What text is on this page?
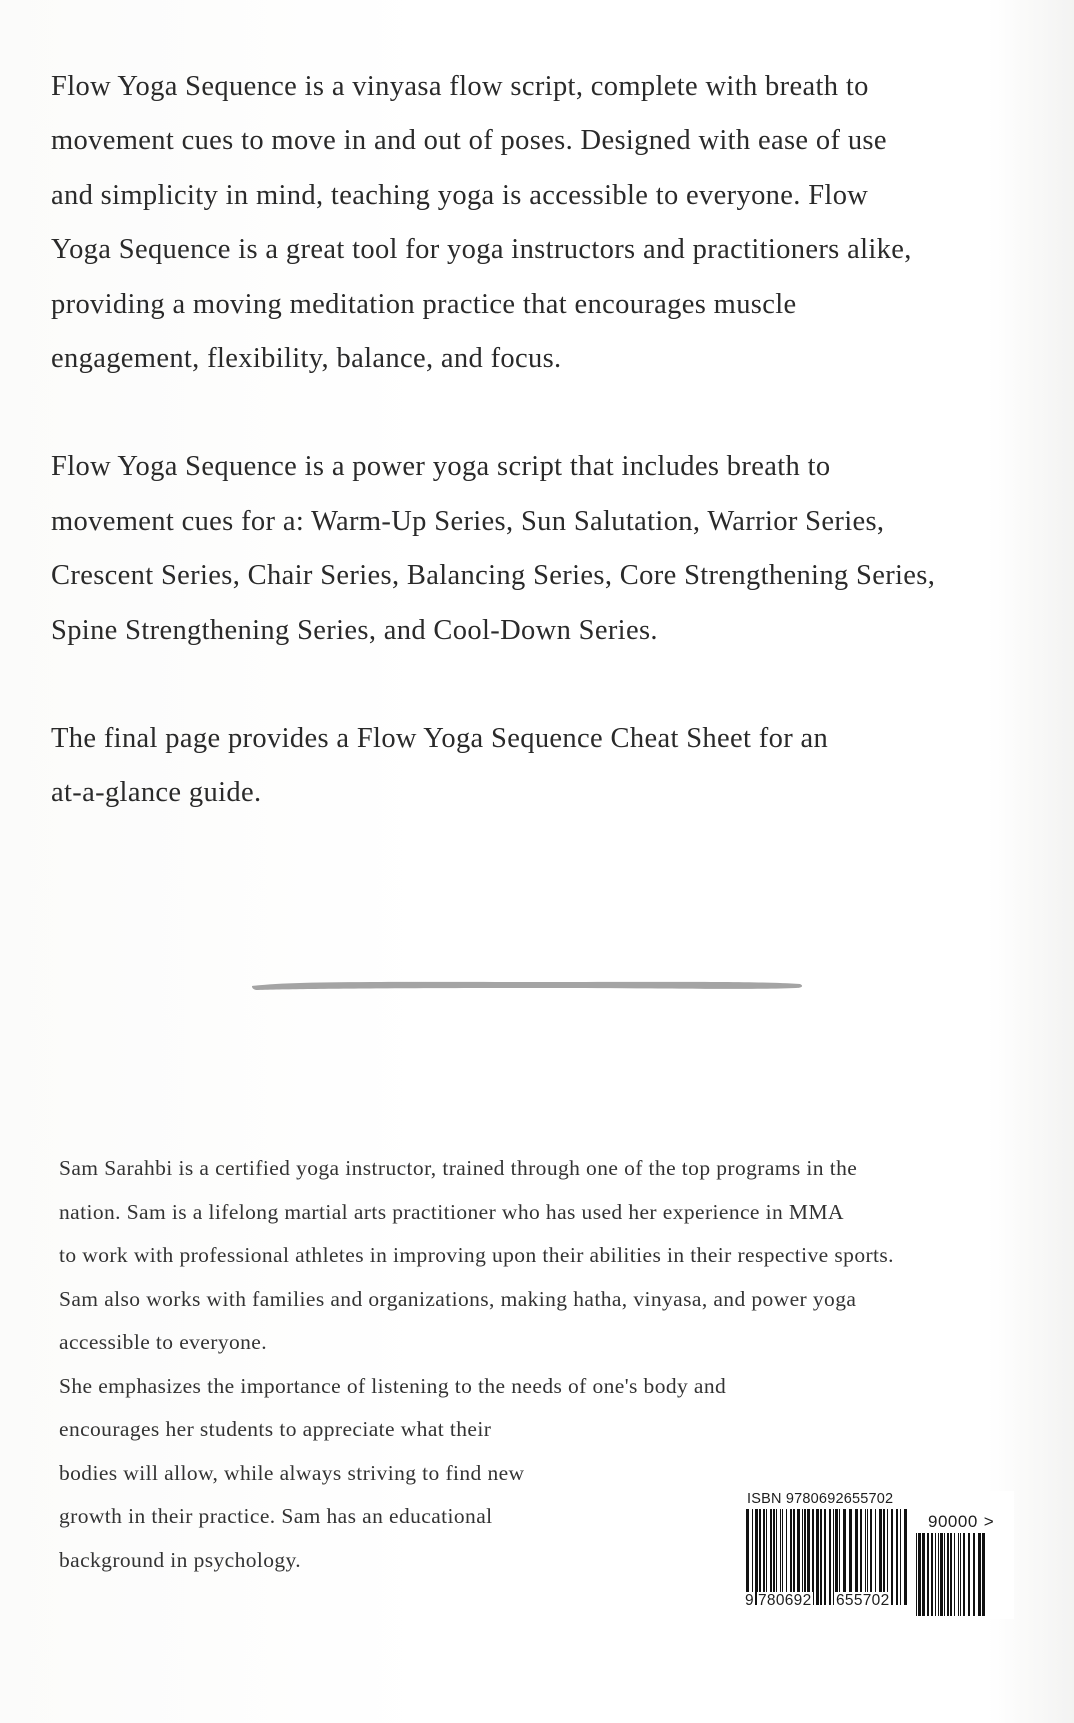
Flow Yoga Sequence is a vinyasa flow script, complete with breath to
movement cues to move in and out of poses. Designed with ease of use
and simplicity in mind, teaching yoga is accessible to everyone. Flow
Yoga Sequence is a great tool for yoga instructors and practitioners alike,
providing a moving meditation practice that encourages muscle
engagement, flexibility, balance, and focus.

Flow Yoga Sequence is a power yoga script that includes breath to
movement cues for a: Warm-Up Series, Sun Salutation, Warrior Series,
Crescent Series, Chair Series, Balancing Series, Core Strengthening Series,
Spine Strengthening Series, and Cool-Down Series.

The final page provides a Flow Yoga Sequence Cheat Sheet for an
at-a-glance guide.

Sam Sarahbi is a certified yoga instructor, trained through one of the top programs in the
nation. Sam is a lifelong martial arts practitioner who has used her experience in MMA
to work with professional athletes in improving upon their abilities in their respective sports.
Sam also works with families and organizations, making hatha, vinyasa, and power yoga
accessible to everyone.
She emphasizes the importance of listening to the needs of one's body and
encourages her students to appreciate what their
bodies will allow, while always striving to find new
growth in their practice. Sam has an educational
background in psychology.
ISBN 9780692655702
90000 >
9 780692 655702
